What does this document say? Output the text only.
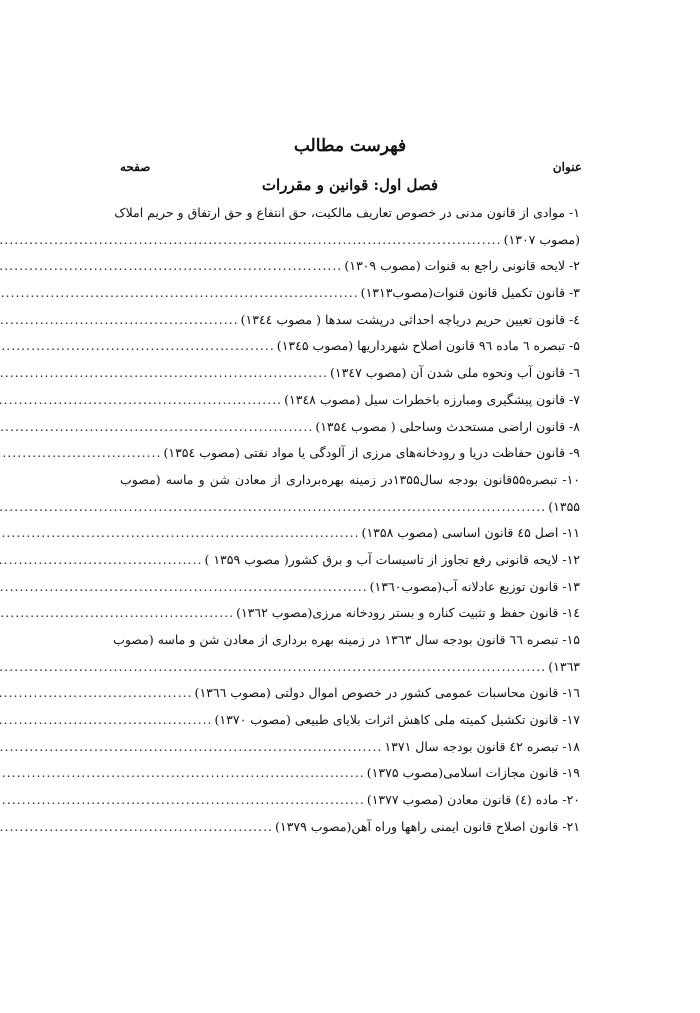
فهرست مطالب
عنوان
صفحه
فصل اول: قوانین و مقررات
۱- موادی از قانون مدنی در خصوص تعاریف مالکیت، حق انتفاع و حق ارتفاق و حریم املاک
(مصوب ۱۳۰۷)
.....
۲- لایحه قانونی راجع به قنوات (مصوب ۱۳۰۹)
.....
۳- قانون تکمیل قانون قنوات(مصوب۱۳۱۳)
.....
٤- قانون تعیین حریم دریاچه احداثی درپشت سدها ( مصوب ۱۳٤٤)
.....
۵- تبصره ٦ ماده ٩٦ قانون اصلاح شهرداریها (مصوب ۱۳٤۵)
.....
٦- قانون آب ونحوه ملی شدن آن (مصوب ۱۳٤۷)
.....
۷- قانون پیشگیری ومبارزه باخطرات سیل (مصوب ۱۳٤۸)
.....
۸- قانون اراضی مستحدث وساحلی ( مصوب ۱۳۵٤)
.....
۹- قانون حفاظت دریا و رودخانه‌های مرزی از آلودگی یا مواد نفتی (مصوب ۱۳۵٤)
.....
۱۰- تبصره۵۵قانون بودجه سال۱۳۵۵در زمینه بهره‌برداری از معادن شن و ماسه (مصوب
۱۳۵۵)
.....
۱۱- اصل ٤۵ قانون اساسی (مصوب ۱۳۵۸)
.....
۱۲- لایحه قانونی رفع تجاوز از تاسیسات آب و برق کشور( مصوب ۱۳۵۹ )
.....
۱۳- قانون توزیع عادلانه آب(مصوب۱۳٦۰)
.....
۱٤- قانون حفظ و تثبیت کناره و بستر رودخانه مرزی(مصوب ۱۳٦۲)
.....
۱۵- تبصره ٦٦ قانون بودجه سال ۱۳٦۳ در زمینه بهره برداری از معادن شن و ماسه (مصوب
۱۳٦۳)
.....
۱٦- قانون محاسبات عمومی کشور در خصوص اموال دولتی (مصوب ۱۳٦٦)
.....
۱۷- قانون تکشیل کمیته ملی کاهش اثرات بلایای طبیعی (مصوب ۱۳۷۰)
.....
۱۸- تبصره ٤۲ قانون بودجه سال ۱۳۷۱
.....
۱۹- قانون مجازات اسلامی(مصوب ۱۳۷۵)
.....
۲۰- ماده (٤) قانون معادن (مصوب ۱۳۷۷)
.....
۲۱- قانون اصلاح قانون ایمنی راهها وراه آهن(مصوب ۱۳۷۹)
.....
